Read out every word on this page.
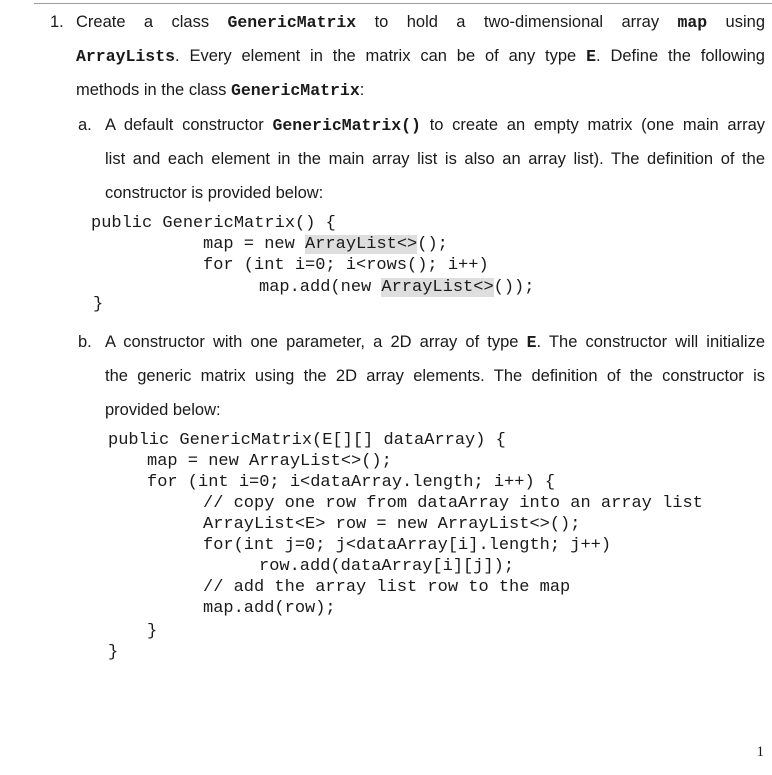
1. Create a class GenericMatrix to hold a two-dimensional array map using
ArrayLists. Every element in the matrix can be of any type E. Define the following
methods in the class GenericMatrix:
a. A default constructor GenericMatrix() to create an empty matrix (one main array
list and each element in the main array list is also an array list). The definition of the
constructor is provided below:
public GenericMatrix() {
map = new ArrayList<>();
for (int i=0; i<rows(); i++)
map.add(new ArrayList<>());
}
b. A constructor with one parameter, a 2D array of type E. The constructor will initialize
the generic matrix using the 2D array elements. The definition of the constructor is
provided below:
public GenericMatrix(E[][] dataArray) {
map = new ArrayList<>();
for (int i=0; i<dataArray.length; i++) {
// copy one row from dataArray into an array list
ArrayList<E> row = new ArrayList<>();
for(int j=0; j<dataArray[i].length; j++)
row.add(dataArray[i][j]);
// add the array list row to the map
map.add(row);
}
}
1
